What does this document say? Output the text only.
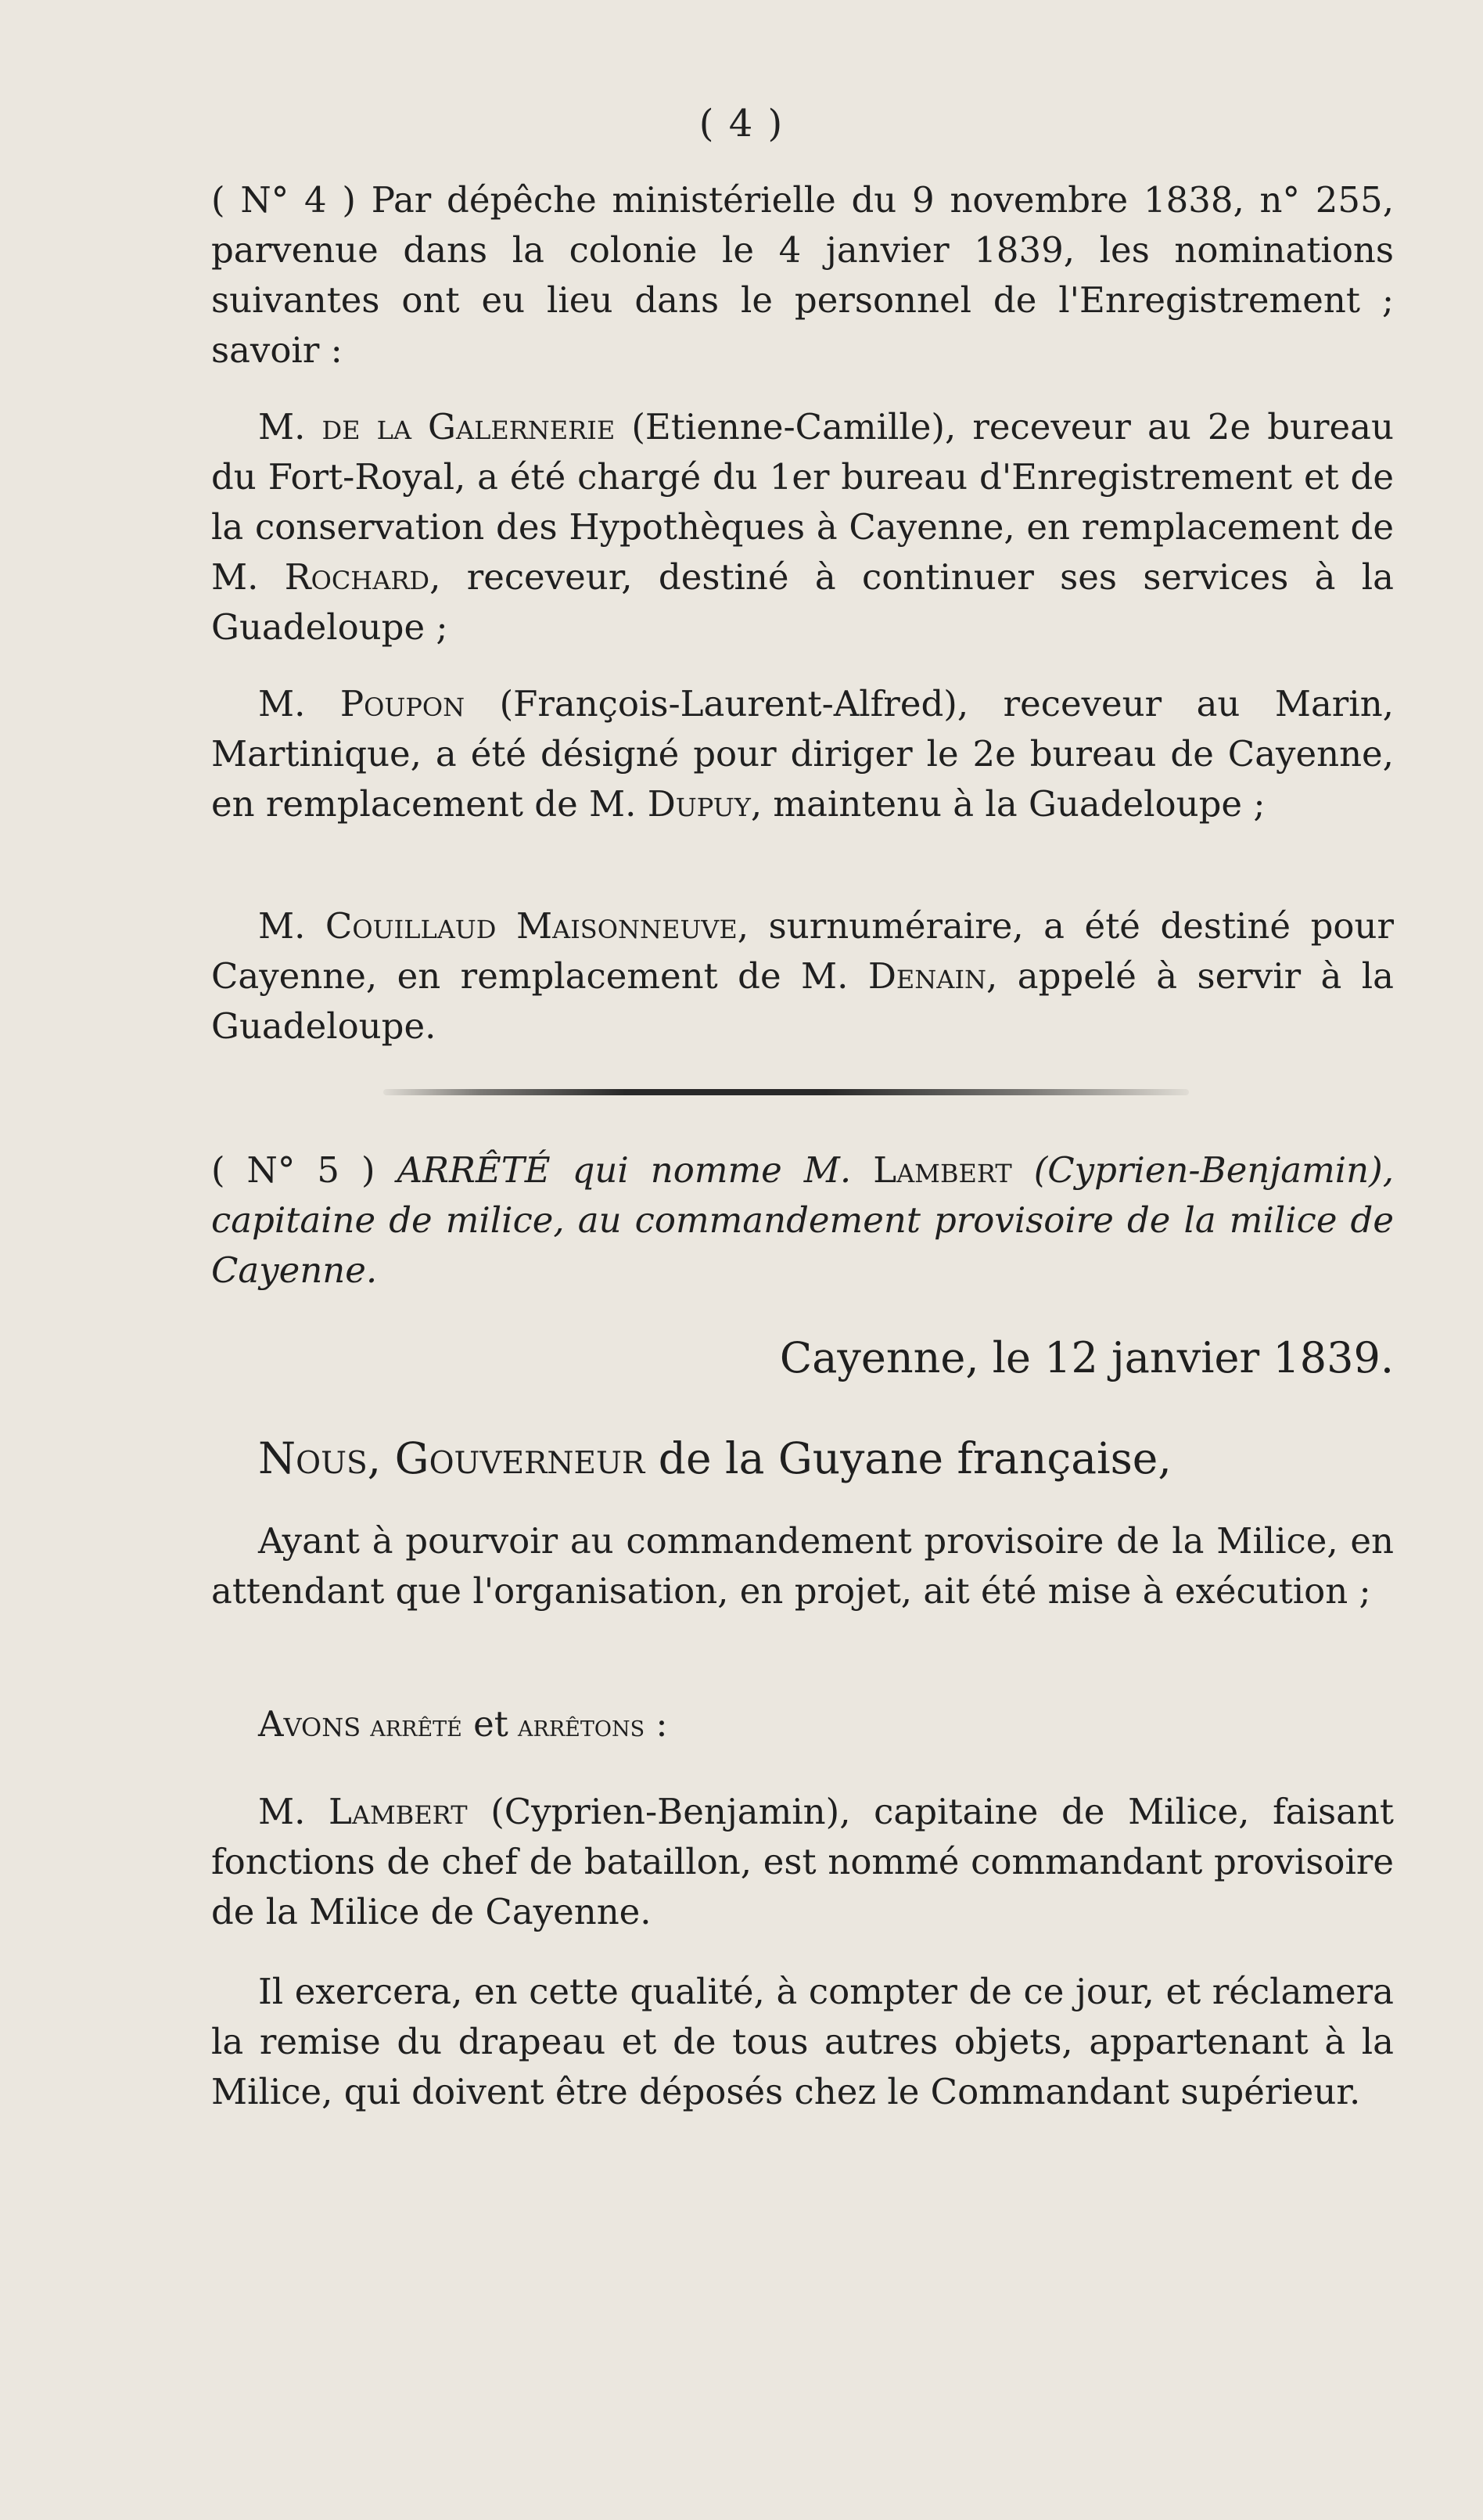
( 4 )

( N° 4 ) Par dépêche ministérielle du 9 novembre 1838, n° 255, parvenue dans la colonie le 4 janvier 1839, les nominations suivantes ont eu lieu dans le personnel de l'Enregistrement ; savoir :

M. de la Galernerie (Etienne-Camille), receveur au 2e bureau du Fort-Royal, a été chargé du 1er bureau d'Enregistrement et de la conservation des Hypothèques à Cayenne, en remplacement de M. Rochard, receveur, destiné à continuer ses services à la Guadeloupe ;

M. Poupon (François-Laurent-Alfred), receveur au Marin, Martinique, a été désigné pour diriger le 2e bureau de Cayenne, en remplacement de M. Dupuy, maintenu à la Guadeloupe ;

M. Couillaud Maisonneuve, surnuméraire, a été destiné pour Cayenne, en remplacement de M. Denain, appelé à servir à la Guadeloupe.

( N° 5 ) ARRÊTÉ qui nomme M. Lambert (Cyprien-Benjamin), capitaine de milice, au commandement provisoire de la milice de Cayenne.

Cayenne, le 12 janvier 1839.

Nous, Gouverneur de la Guyane française,

Ayant à pourvoir au commandement provisoire de la Milice, en attendant que l'organisation, en projet, ait été mise à exécution ;

Avons arrêté et arrêtons :

M. Lambert (Cyprien-Benjamin), capitaine de Milice, faisant fonctions de chef de bataillon, est nommé commandant provisoire de la Milice de Cayenne.

Il exercera, en cette qualité, à compter de ce jour, et réclamera la remise du drapeau et de tous autres objets, appartenant à la Milice, qui doivent être déposés chez le Commandant supérieur.
